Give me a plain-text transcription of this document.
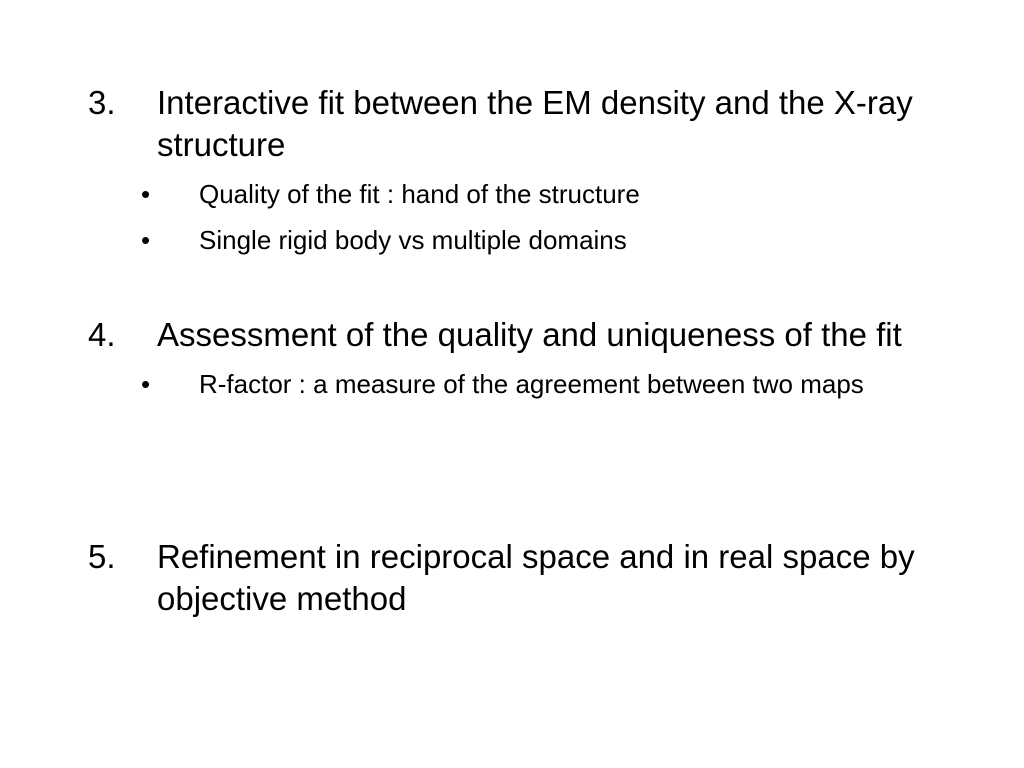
3. Interactive fit between the EM density and the X-ray structure
• Quality of the fit : hand of the structure
• Single rigid body vs multiple domains
4. Assessment of the quality and uniqueness of the fit
• R-factor : a measure of the agreement between two maps
5. Refinement in reciprocal space and in real space by objective method
